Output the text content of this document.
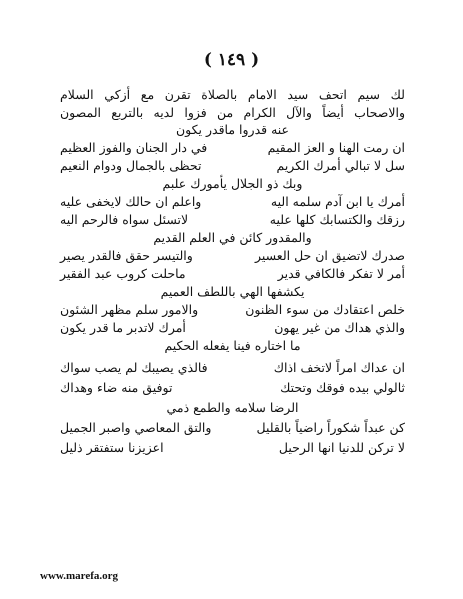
( ١٤٩ )
لك سيم اتحف سيد الامام بالصلاة تقرن مع أزكي السلام
والاصحاب أيضاً والآل الكرام من فزوا لديه بالتربع المصون
عنه قدروا ماقدر يكون
ان رمت الهنا و العز المقيم
في دار الجنان والفوز العظيم
سل لا تبالي أمرك الكريم
تحظى بالجمال ودوام النعيم
وبك ذو الجلال يأمورك علبم
أمرك يا ابن آدم سلمه اليه
واعلم ان حالك لايخفى عليه
رزقك والكتسابك كلها عليه
لاتسئل سواه فالرحم اليه
والمقدور كائن في العلم القديم
صدرك لاتضيق ان حل العسير
والتيسر حقق فالقدر يصير
أمر لا تفكر فالكافي قدير
ماحلت كروب عبد الفقير
يكشفها الهي باللطف العميم
خلص اعتقادك من سوء الظنون
والامور سلم مظهر الشئون
والذي هداك من غير يهون
أمرك لاتدبر ما قدر يكون
ما اختاره فينا يفعله الحكيم
ان عداك امراً لاتخف اذاك
فالذي يصيبك لم يصب سواك
ثالولي بيده فوقك وتحتك
توفيق منه ضاء وهداك
الرضا سلامه والطمع ذمي
كن عبداً شكوراً راضياً بالقليل
والتق المعاصي واصبر الجميل
لا تركن للدنيا انها الرحيل
اعزيزنا ستفتقر ذليل
www.marefa.org
